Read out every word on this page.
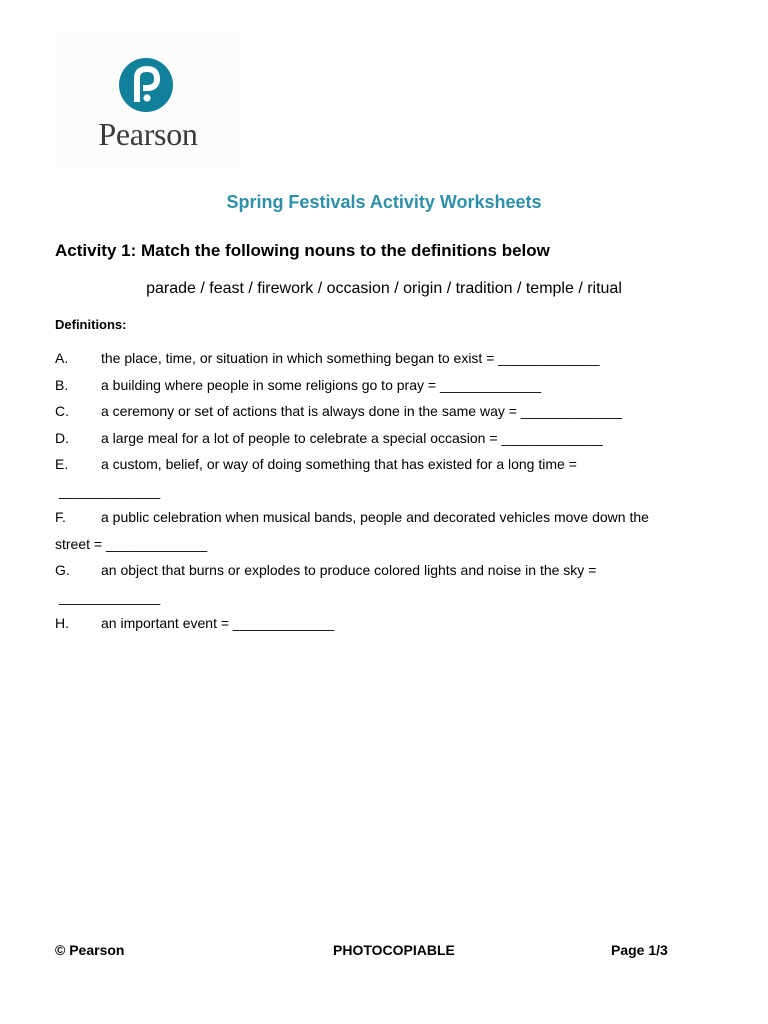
Pearson
Spring Festivals Activity Worksheets
Activity 1: Match the following nouns to the definitions below
parade / feast / firework / occasion / origin / tradition / temple / ritual
Definitions:
A. the place, time, or situation in which something began to exist = _____________
B. a building where people in some religions go to pray = _____________
C. a ceremony or set of actions that is always done in the same way = _____________
D. a large meal for a lot of people to celebrate a special occasion = _____________
E. a custom, belief, or way of doing something that has existed for a long time =
_____________
F.	a public celebration when musical bands, people and decorated vehicles move down the
street = _____________
G. an object that burns or explodes to produce colored lights and noise in the sky =
_____________
H. an important event = _____________
© Pearson	PHOTOCOPIABLE	Page 1/3
